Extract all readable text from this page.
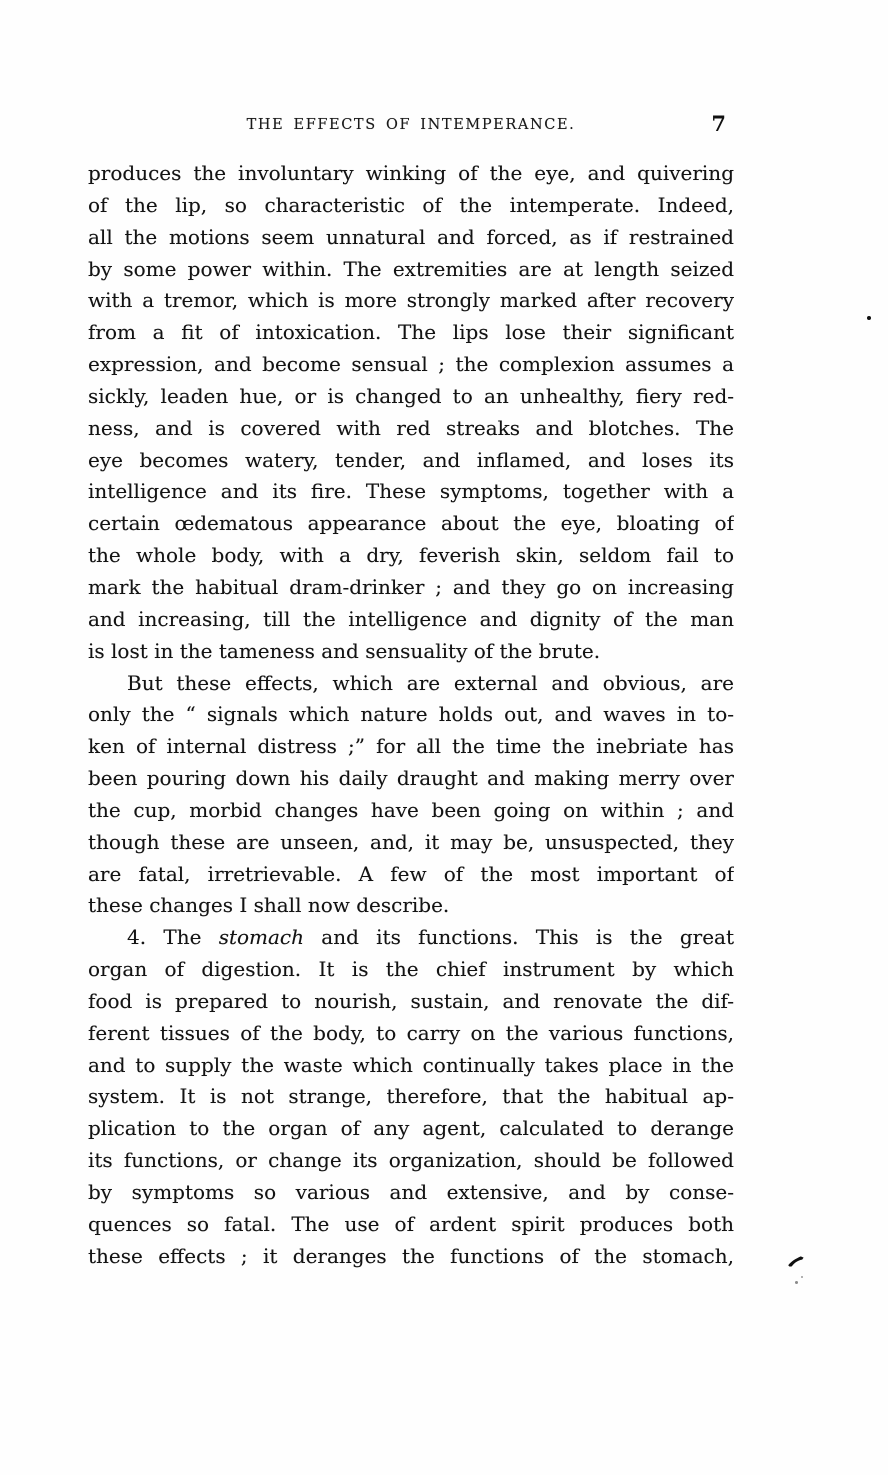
THE EFFECTS OF INTEMPERANCE.	7
produces the involuntary winking of the eye, and quivering
of the lip, so characteristic of the intemperate. Indeed,
all the motions seem unnatural and forced, as if restrained
by some power within. The extremities are at length seized
with a tremor, which is more strongly marked after recovery
from a fit of intoxication. The lips lose their significant
expression, and become sensual ; the complexion assumes a
sickly, leaden hue, or is changed to an unhealthy, fiery red-
ness, and is covered with red streaks and blotches. The
eye becomes watery, tender, and inflamed, and loses its
intelligence and its fire. These symptoms, together with a
certain œdematous appearance about the eye, bloating of
the whole body, with a dry, feverish skin, seldom fail to
mark the habitual dram-drinker ; and they go on increasing
and increasing, till the intelligence and dignity of the man
is lost in the tameness and sensuality of the brute.
But these effects, which are external and obvious, are
only the “ signals which nature holds out, and waves in to-
ken of internal distress ;” for all the time the inebriate has
been pouring down his daily draught and making merry over
the cup, morbid changes have been going on within ; and
though these are unseen, and, it may be, unsuspected, they
are fatal, irretrievable. A few of the most important of
these changes I shall now describe.
4. The stomach and its functions. This is the great
organ of digestion. It is the chief instrument by which
food is prepared to nourish, sustain, and renovate the dif-
ferent tissues of the body, to carry on the various functions,
and to supply the waste which continually takes place in the
system. It is not strange, therefore, that the habitual ap-
plication to the organ of any agent, calculated to derange
its functions, or change its organization, should be followed
by symptoms so various and extensive, and by conse-
quences so fatal. The use of ardent spirit produces both
these effects ; it deranges the functions of the stomach,
